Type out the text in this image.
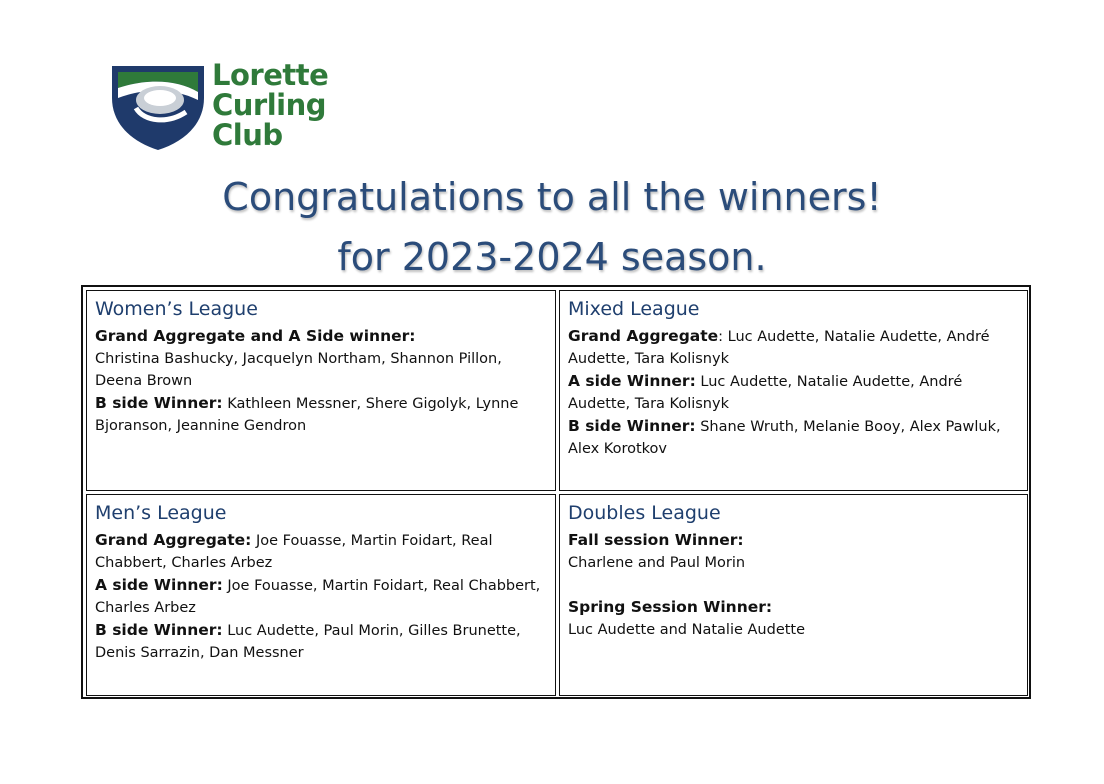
Lorette
Curling
Club
Congratulations to all the winners!
for 2023-2024 season.
Women’s League
Grand Aggregate and A Side winner:
Christina Bashucky, Jacquelyn Northam, Shannon Pillon, Deena Brown
B side Winner: Kathleen Messner, Shere Gigolyk, Lynne Bjoranson, Jeannine Gendron
Mixed League
Grand Aggregate: Luc Audette, Natalie Audette, André Audette, Tara Kolisnyk
A side Winner: Luc Audette, Natalie Audette, André Audette, Tara Kolisnyk
B side Winner: Shane Wruth, Melanie Booy, Alex Pawluk, Alex Korotkov
Men’s League
Grand Aggregate: Joe Fouasse, Martin Foidart, Real Chabbert, Charles Arbez
A side Winner: Joe Fouasse, Martin Foidart, Real Chabbert, Charles Arbez
B side Winner: Luc Audette, Paul Morin, Gilles Brunette, Denis Sarrazin, Dan Messner
Doubles League
Fall session Winner:
Charlene and Paul Morin
Spring Session Winner:
Luc Audette and Natalie Audette
